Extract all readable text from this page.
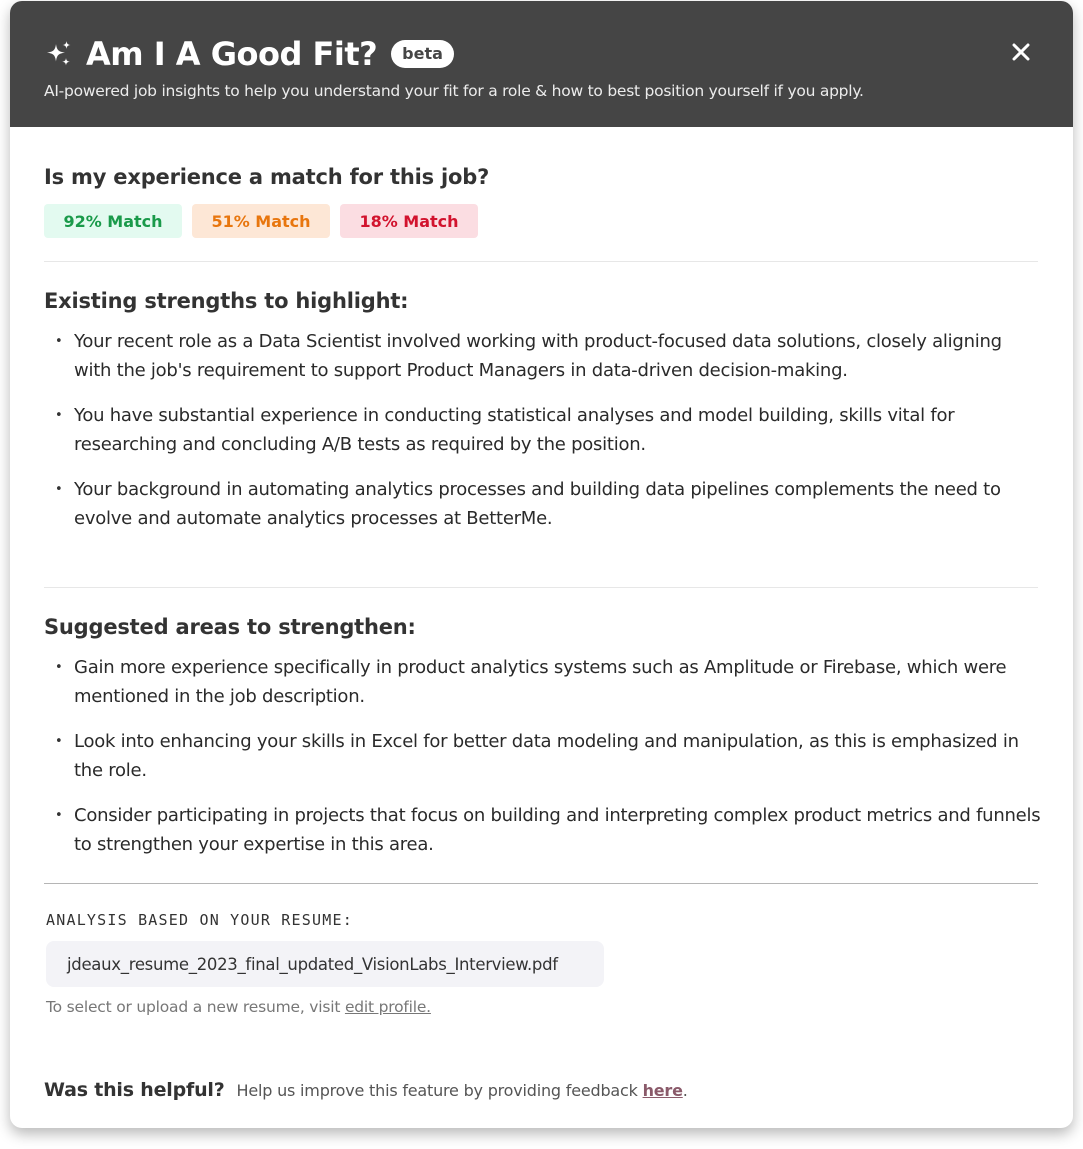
Am I A Good Fit?	beta
AI-powered job insights to help you understand your fit for a role & how to best position yourself if you apply.
Is my experience a match for this job?
92% Match	51% Match	18% Match
Existing strengths to highlight:
• Your recent role as a Data Scientist involved working with product-focused data solutions, closely aligning with the job's requirement to support Product Managers in data-driven decision-making.
• You have substantial experience in conducting statistical analyses and model building, skills vital for researching and concluding A/B tests as required by the position.
• Your background in automating analytics processes and building data pipelines complements the need to evolve and automate analytics processes at BetterMe.
Suggested areas to strengthen:
• Gain more experience specifically in product analytics systems such as Amplitude or Firebase, which were mentioned in the job description.
• Look into enhancing your skills in Excel for better data modeling and manipulation, as this is emphasized in the role.
• Consider participating in projects that focus on building and interpreting complex product metrics and funnels to strengthen your expertise in this area.
ANALYSIS BASED ON YOUR RESUME:
jdeaux_resume_2023_final_updated_VisionLabs_Interview.pdf
To select or upload a new resume, visit edit profile.
Was this helpful? Help us improve this feature by providing feedback here.
